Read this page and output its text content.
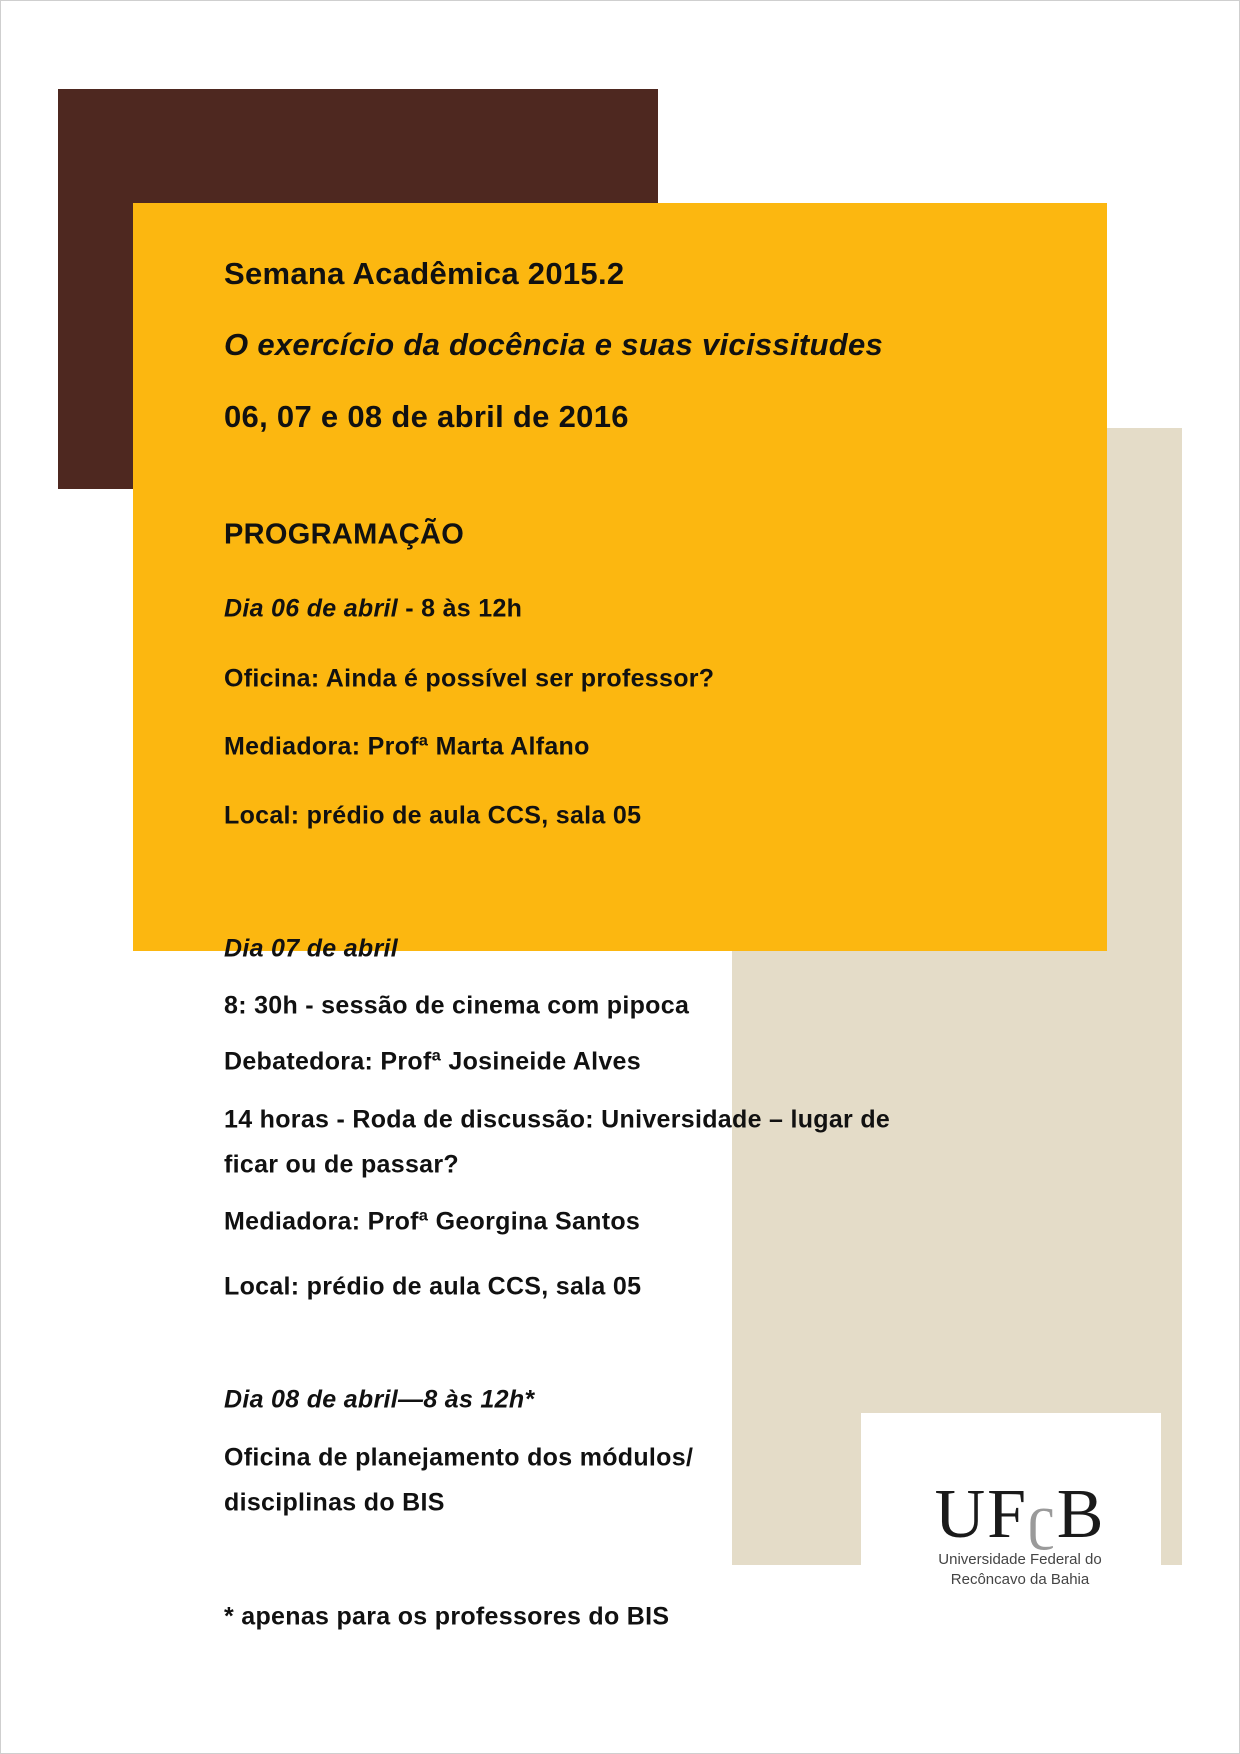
Semana Acadêmica 2015.2
O exercício da docência e suas vicissitudes
06, 07 e 08 de abril de 2016
PROGRAMAÇÃO
Dia 06 de abril - 8 às 12h
Oficina: Ainda é possível ser professor?
Mediadora: Profª Marta Alfano
Local: prédio de aula CCS, sala 05
Dia 07 de abril
8: 30h - sessão de cinema com pipoca
Debatedora: Profª Josineide Alves
14 horas - Roda de discussão: Universidade – lugar de
ficar ou de passar?
Mediadora: Profª Georgina Santos
Local: prédio de aula CCS, sala 05
Dia 08 de abril—8 às 12h*
Oficina de planejamento dos módulos/
disciplinas do BIS
* apenas para os professores do BIS
UFʗB
Universidade Federal do
Recôncavo da Bahia
